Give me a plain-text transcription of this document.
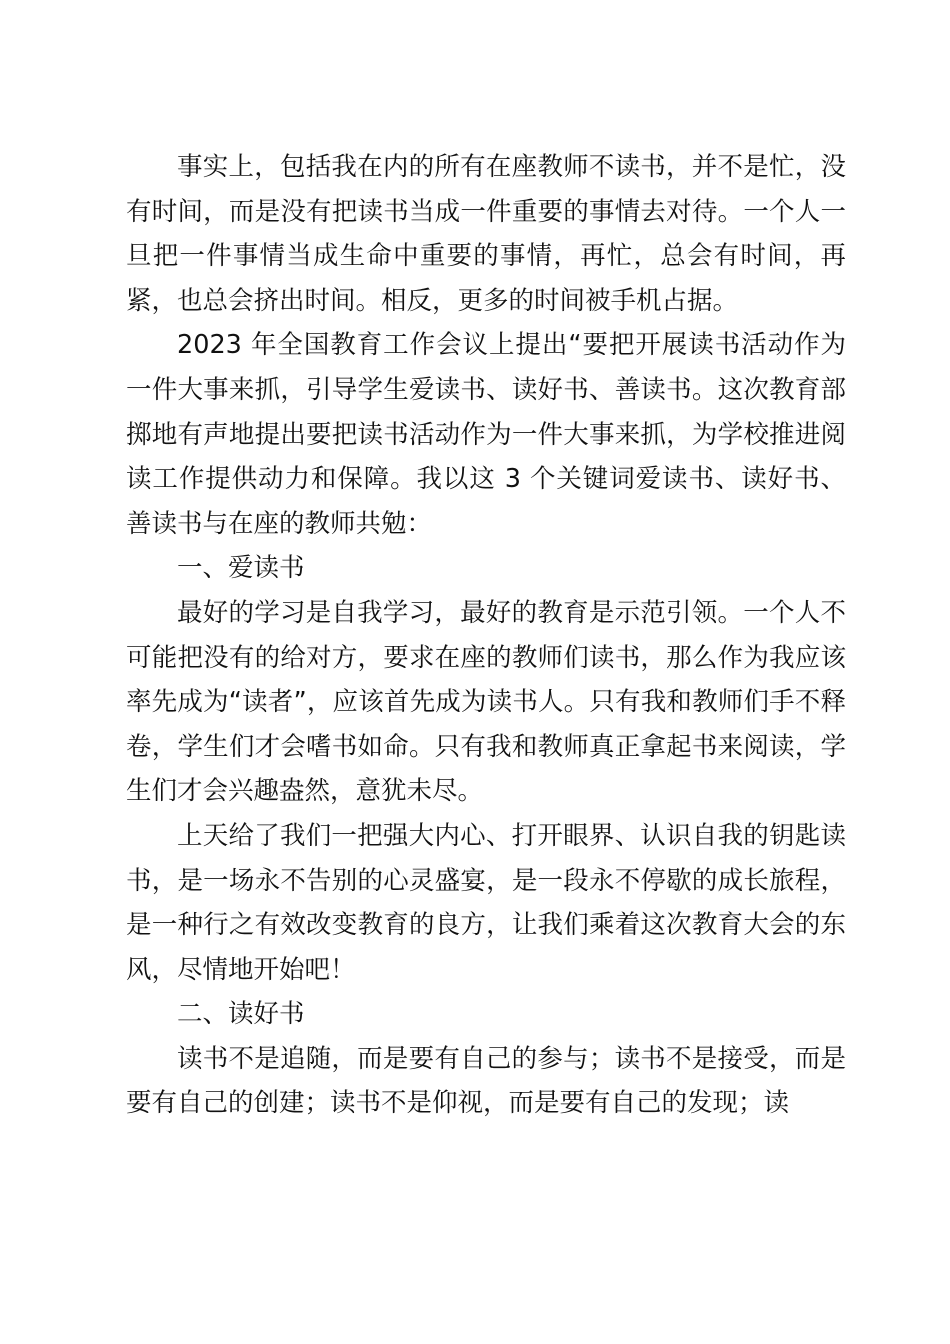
事实上，包括我在内的所有在座教师不读书，并不是忙，没有时间，而是没有把读书当成一件重要的事情去对待。一个人一旦把一件事情当成生命中重要的事情，再忙，总会有时间，再紧，也总会挤出时间。相反，更多的时间被手机占据。

2023 年全国教育工作会议上提出“要把开展读书活动作为一件大事来抓，引导学生爱读书、读好书、善读书。这次教育部掷地有声地提出要把读书活动作为一件大事来抓，为学校推进阅读工作提供动力和保障。我以这 3 个关键词爱读书、读好书、善读书与在座的教师共勉：

一、爱读书

最好的学习是自我学习，最好的教育是示范引领。一个人不可能把没有的给对方，要求在座的教师们读书，那么作为我应该率先成为“读者”，应该首先成为读书人。只有我和教师们手不释卷，学生们才会嗜书如命。只有我和教师真正拿起书来阅读，学生们才会兴趣盎然，意犹未尽。

上天给了我们一把强大内心、打开眼界、认识自我的钥匙读书，是一场永不告别的心灵盛宴，是一段永不停歇的成长旅程，是一种行之有效改变教育的良方，让我们乘着这次教育大会的东风，尽情地开始吧！

二、读好书

读书不是追随，而是要有自己的参与；读书不是接受，而是要有自己的创建；读书不是仰视，而是要有自己的发现；读
